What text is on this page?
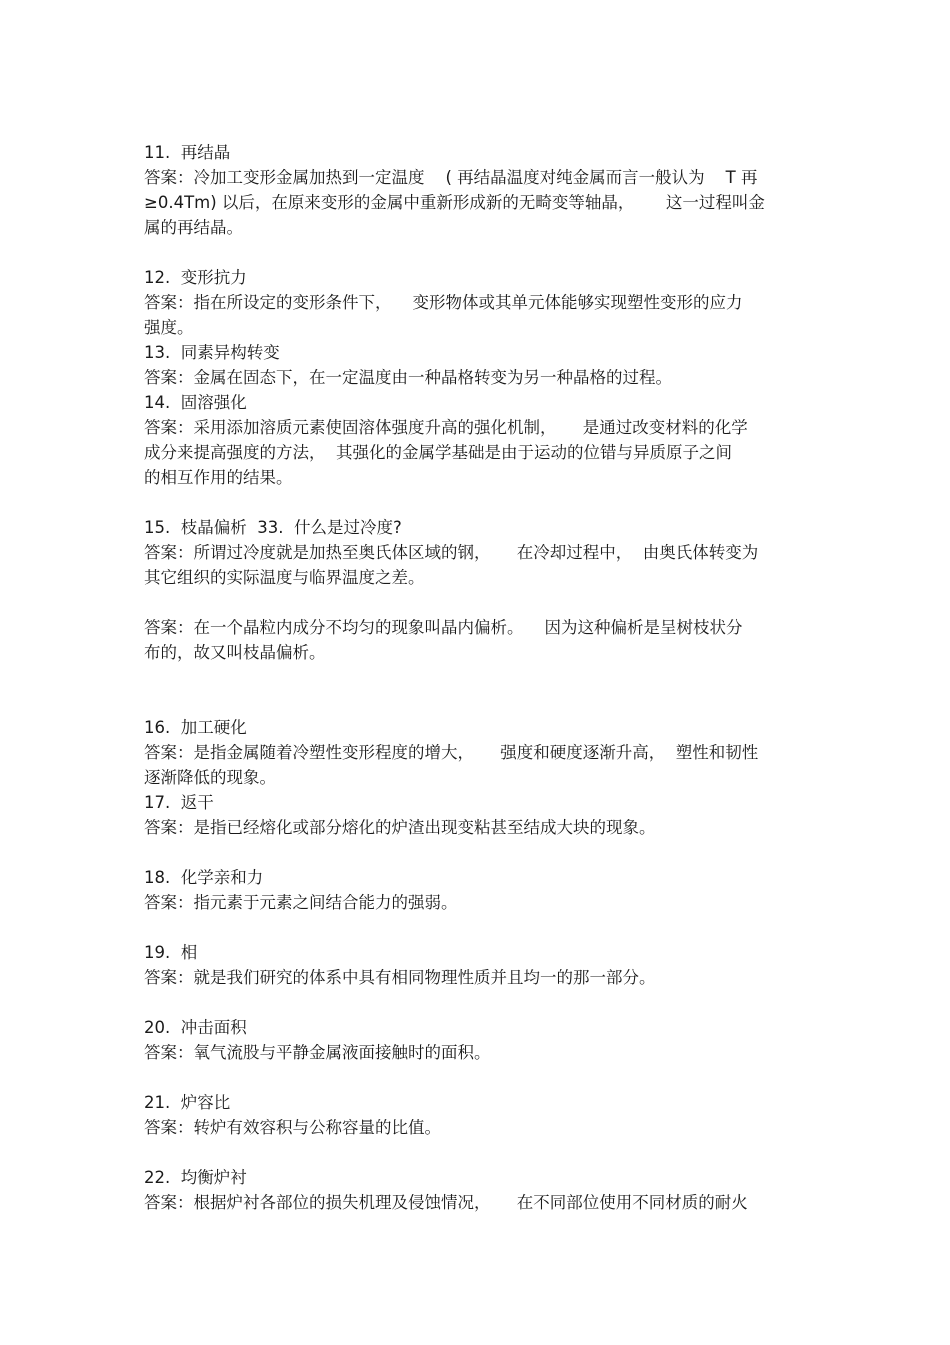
11.  再结晶
答案：冷加工变形金属加热到一定温度    ( 再结晶温度对纯金属而言一般认为    T 再
≥0.4Tm) 以后，在原来变形的金属中重新形成新的无畸变等轴晶，      这一过程叫金
属的再结晶。
12.  变形抗力
答案：指在所设定的变形条件下，    变形物体或其单元体能够实现塑性变形的应力
强度。
13.  同素异构转变
答案：金属在固态下，在一定温度由一种晶格转变为另一种晶格的过程。
14.  固溶强化
答案：采用添加溶质元素使固溶体强度升高的强化机制，     是通过改变材料的化学
成分来提高强度的方法，  其强化的金属学基础是由于运动的位错与异质原子之间
的相互作用的结果。
15.  枝晶偏析  33.  什么是过冷度?
答案：所谓过冷度就是加热至奥氏体区域的钢，     在冷却过程中，  由奥氏体转变为
其它组织的实际温度与临界温度之差。
答案：在一个晶粒内成分不均匀的现象叫晶内偏析。    因为这种偏析是呈树枝状分
布的，故又叫枝晶偏析。
16.  加工硬化
答案：是指金属随着冷塑性变形程度的增大，     强度和硬度逐渐升高，  塑性和韧性
逐渐降低的现象。
17.  返干
答案：是指已经熔化或部分熔化的炉渣出现变粘甚至结成大块的现象。
18.  化学亲和力
答案：指元素于元素之间结合能力的强弱。
19.  相
答案：就是我们研究的体系中具有相同物理性质并且均一的那一部分。
20.  冲击面积
答案：氧气流股与平静金属液面接触时的面积。
21.  炉容比
答案：转炉有效容积与公称容量的比值。
22.  均衡炉衬
答案：根据炉衬各部位的损失机理及侵蚀情况，     在不同部位使用不同材质的耐火
